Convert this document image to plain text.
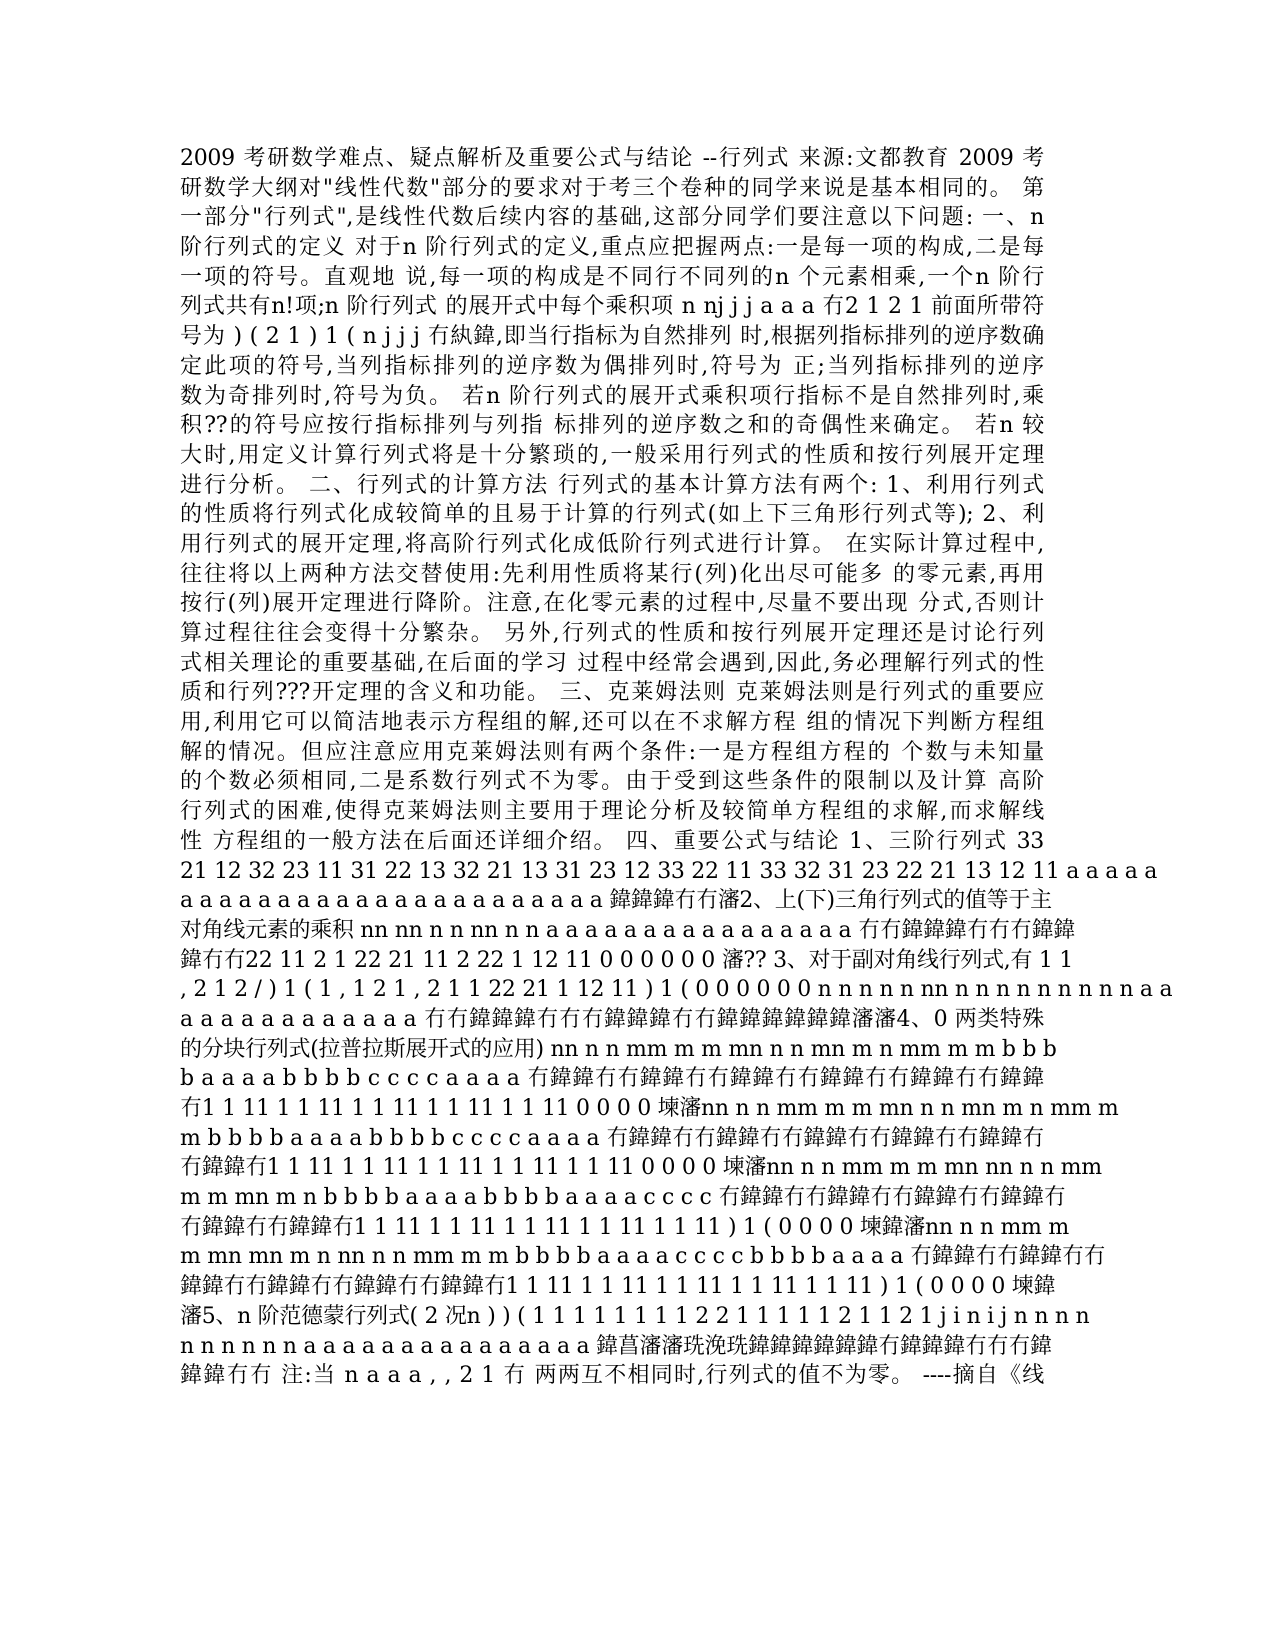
2009 考研数学难点、疑点解析及重要公式与结论 --行列式 来源:文都教育 2009 考
研数学大纲对"线性代数"部分的要求对于考三个卷种的同学来说是基本相同的。 第
一部分"行列式",是线性代数后续内容的基础,这部分同学们要注意以下问题: 一、n
阶行列式的定义 对于n 阶行列式的定义,重点应把握两点:一是每一项的构成,二是每
一项的符号。直观地 说,每一项的构成是不同行不同列的n 个元素相乘,一个n 阶行
列式共有n!项;n 阶行列式 的展开式中每个乘积项 n nj j j a a a 冇2 1 2 1 前面所带符
号为 ) ( 2 1 ) 1 ( n j j j 冇紈鍏,即当行指标为自然排列 时,根据列指标排列的逆序数确
定此项的符号,当列指标排列的逆序数为偶排列时,符号为 正;当列指标排列的逆序
数为奇排列时,符号为负。 若n 阶行列式的展开式乘积项行指标不是自然排列时,乘
积??的符号应按行指标排列与列指 标排列的逆序数之和的奇偶性来确定。 若n 较
大时,用定义计算行列式将是十分繁琐的,一般采用行列式的性质和按行列展开定理
进行分析。 二、行列式的计算方法 行列式的基本计算方法有两个: 1、利用行列式
的性质将行列式化成较简单的且易于计算的行列式(如上下三角形行列式等); 2、利
用行列式的展开定理,将高阶行列式化成低阶行列式进行计算。 在实际计算过程中,
往往将以上两种方法交替使用:先利用性质将某行(列)化出尽可能多 的零元素,再用
按行(列)展开定理进行降阶。注意,在化零元素的过程中,尽量不要出现 分式,否则计
算过程往往会变得十分繁杂。 另外,行列式的性质和按行列展开定理还是讨论行列
式相关理论的重要基础,在后面的学习 过程中经常会遇到,因此,务必理解行列式的性
质和行列???开定理的含义和功能。 三、克莱姆法则 克莱姆法则是行列式的重要应
用,利用它可以简洁地表示方程组的解,还可以在不求解方程 组的情况下判断方程组
解的情况。但应注意应用克莱姆法则有两个条件:一是方程组方程的 个数与未知量
的个数必须相同,二是系数行列式不为零。由于受到这些条件的限制以及计算 高阶
行列式的困难,使得克莱姆法则主要用于理论分析及较简单方程组的求解,而求解线
性 方程组的一般方法在后面还详细介绍。 四、重要公式与结论 1、三阶行列式 33
21 12 32 23 11 31 22 13 32 21 13 31 23 12 33 22 11 33 32 31 23 22 21 13 12 11 a a a a a
a a a a a a a a a a a a a a a a a a a a a a 鍏鍏鍏冇冇瀋2、上(下)三角行列式的值等于主
对角线元素的乘积 nn nn n n nn n n a a a a a a a a a a a a a a a a 冇冇鍏鍏鍏冇冇冇鍏鍏
鍏冇冇22 11 2 1 22 21 11 2 22 1 12 11 0 0 0 0 0 0 瀋?? 3、对于副对角线行列式,有 1 1
, 2 1 2 / ) 1 ( 1 , 1 2 1 , 2 1 1 22 21 1 12 11 ) 1 ( 0 0 0 0 0 0 n n n n n nn n n n n n n n n n a a
a a a a a a a a a a a a 冇冇鍏鍏鍏冇冇冇鍏鍏鍏冇冇鍏鍏鍏鍏鍏鍏瀋瀋4、0 两类特殊
的分块行列式(拉普拉斯展开式的应用) nn n n mm m m mn n n mn m n mm m m b b b
b a a a a b b b b c c c c a a a a 冇鍏鍏冇冇鍏鍏冇冇鍏鍏冇冇鍏鍏冇冇鍏鍏冇冇鍏鍏
冇1 1 11 1 1 11 1 1 11 1 1 11 1 1 11 0 0 0 0 堜瀋nn n n mm m m mn n n mn m n mm m
m b b b b a a a a b b b b c c c c a a a a 冇鍏鍏冇冇鍏鍏冇冇鍏鍏冇冇鍏鍏冇冇鍏鍏冇
冇鍏鍏冇1 1 11 1 1 11 1 1 11 1 1 11 1 1 11 0 0 0 0 堜瀋nn n n mm m m mn nn n n mm
m m mn m n b b b b a a a a b b b b a a a a c c c c 冇鍏鍏冇冇鍏鍏冇冇鍏鍏冇冇鍏鍏冇
冇鍏鍏冇冇鍏鍏冇1 1 11 1 1 11 1 1 11 1 1 11 1 1 11 ) 1 ( 0 0 0 0 堜鍏瀋nn n n mm m
m mn mn m n nn n n mm m m b b b b a a a a c c c c b b b b a a a a 冇鍏鍏冇冇鍏鍏冇冇
鍏鍏冇冇鍏鍏冇冇鍏鍏冇冇鍏鍏冇1 1 11 1 1 11 1 1 11 1 1 11 1 1 11 ) 1 ( 0 0 0 0 堜鍏
瀋5、n 阶范德蒙行列式( 2 况n ) ) ( 1 1 1 1 1 1 1 1 2 2 1 1 1 1 1 2 1 1 2 1 j i n i j n n n n
n n n n n n a a a a a a a a a a a a a a a 鍏菖瀋瀋珗浼珗鍏鍏鍏鍏鍏鍏冇鍏鍏鍏冇冇冇鍏
鍏鍏冇冇 注:当 n a a a , , 2 1 冇 两两互不相同时,行列式的值不为零。 ----摘自《线
